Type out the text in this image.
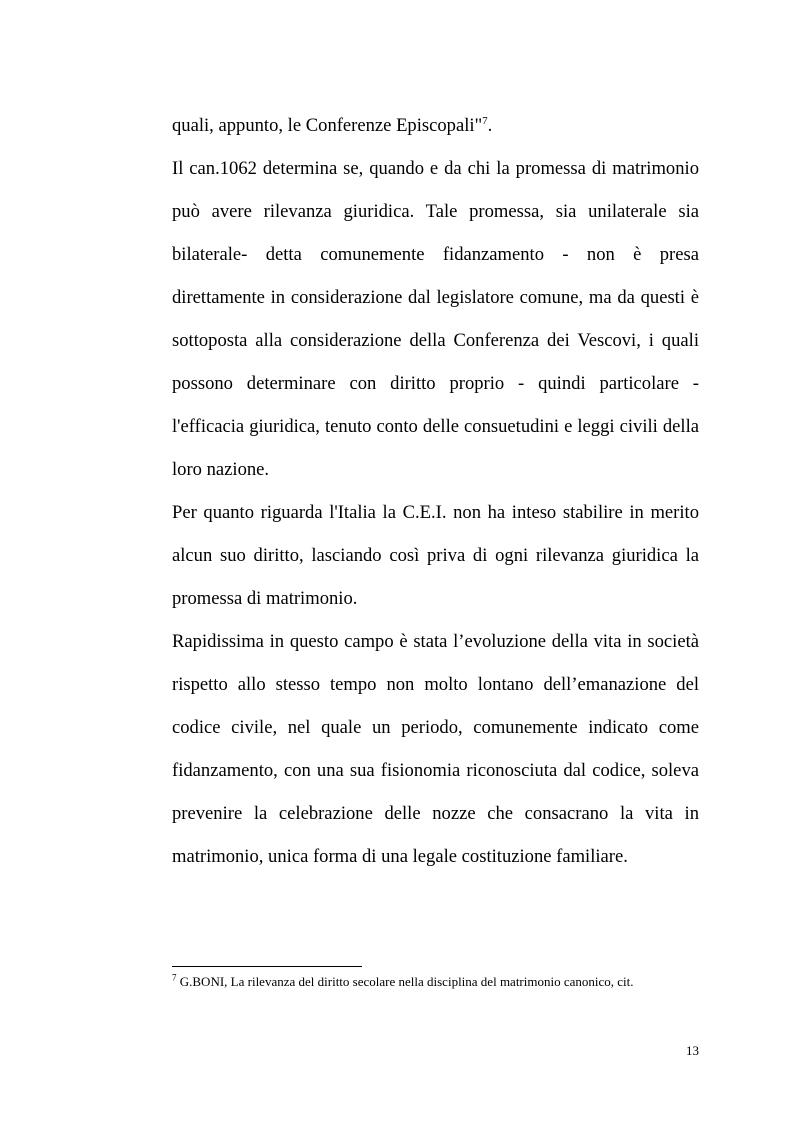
quali, appunto, le Conferenze Episcopali"$^7$.
Il can.1062 determina se, quando e da chi la promessa di matrimonio
può avere rilevanza giuridica. Tale promessa, sia unilaterale sia
bilaterale- detta comunemente fidanzamento - non è presa
direttamente in considerazione dal legislatore comune, ma da questi è
sottoposta alla considerazione della Conferenza dei Vescovi, i quali
possono determinare con diritto proprio - quindi particolare -
l'efficacia giuridica, tenuto conto delle consuetudini e leggi civili della
loro nazione.
Per quanto riguarda l'Italia la C.E.I. non ha inteso stabilire in merito
alcun suo diritto, lasciando così priva di ogni rilevanza giuridica la
promessa di matrimonio.
Rapidissima in questo campo è stata l’evoluzione della vita in società
rispetto allo stesso tempo non molto lontano dell’emanazione del
codice civile, nel quale un periodo, comunemente indicato come
fidanzamento, con una sua fisionomia riconosciuta dal codice, soleva
prevenire la celebrazione delle nozze che consacrano la vita in
matrimonio, unica forma di una legale costituzione familiare.
$^7$ G.BONI, La rilevanza del diritto secolare nella disciplina del matrimonio canonico, cit.
13
